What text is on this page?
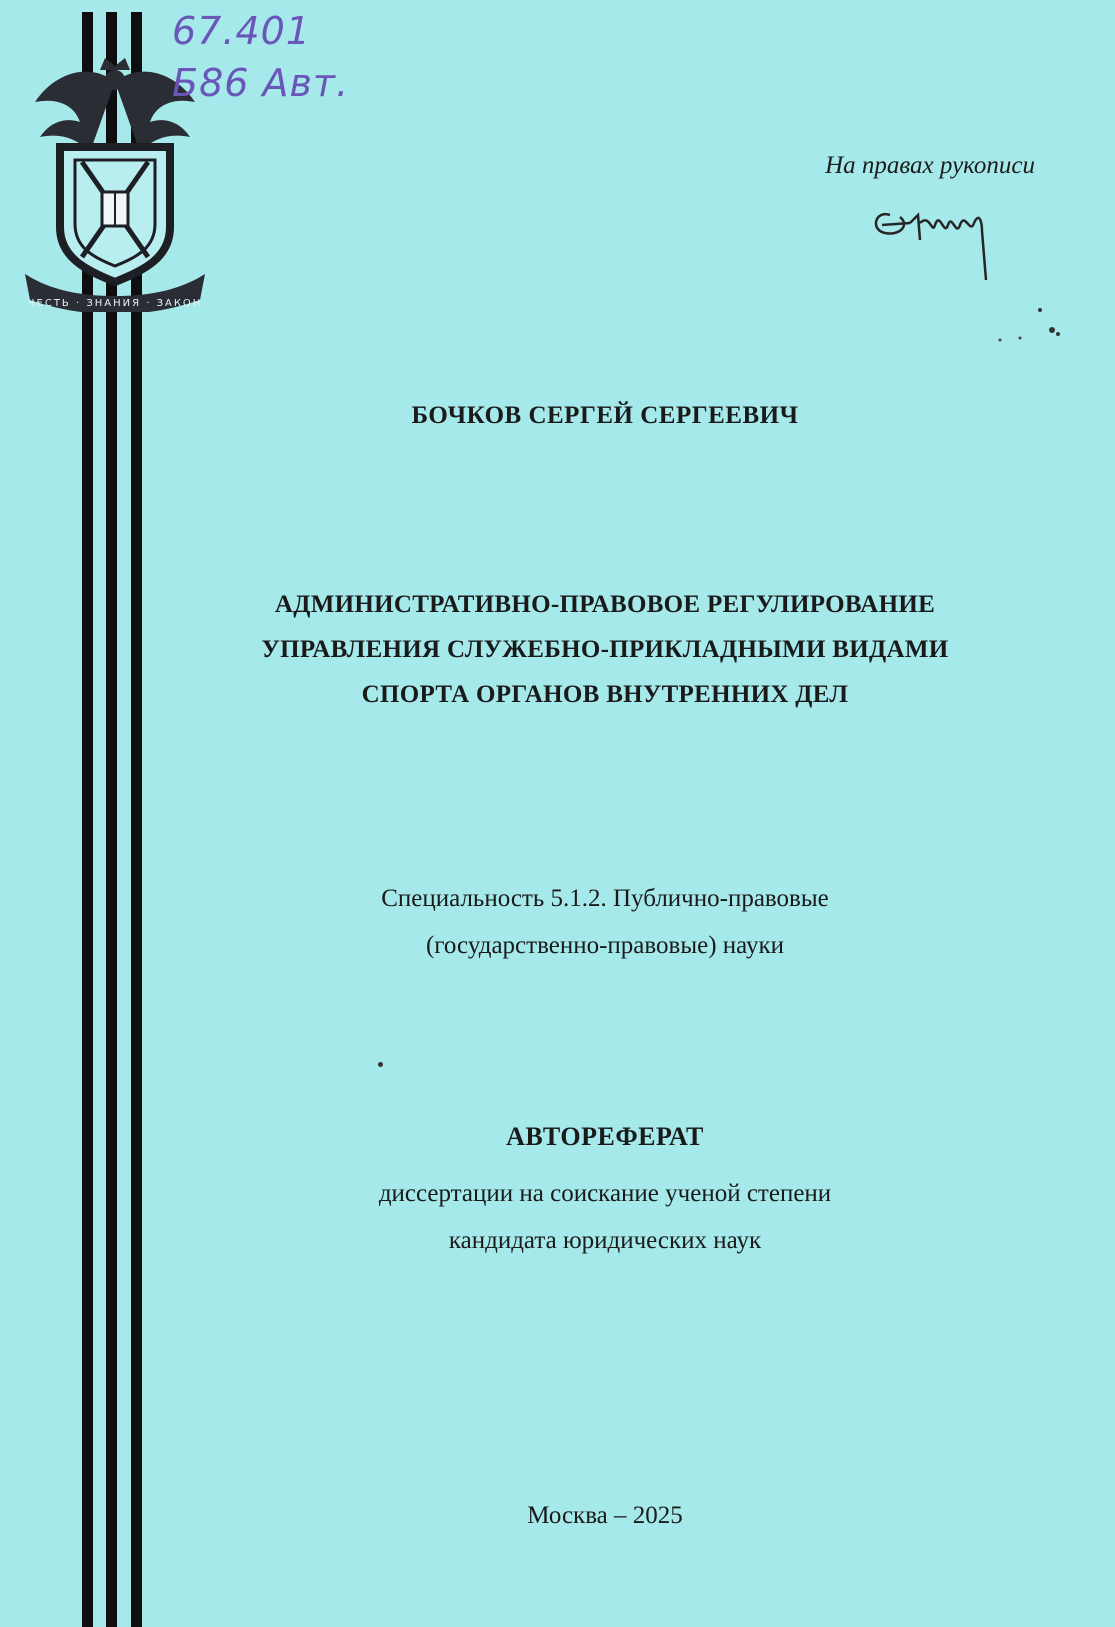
ЧЕСТЬ · ЗНАНИЯ · ЗАКОН
67.401
Б86 Авт.
На правах рукописи
БОЧКОВ СЕРГЕЙ СЕРГЕЕВИЧ
АДМИНИСТРАТИВНО-ПРАВОВОЕ РЕГУЛИРОВАНИЕ
УПРАВЛЕНИЯ СЛУЖЕБНО-ПРИКЛАДНЫМИ ВИДАМИ
СПОРТА ОРГАНОВ ВНУТРЕННИХ ДЕЛ
Специальность 5.1.2. Публично-правовые
(государственно-правовые) науки
АВТОРЕФЕРАТ
диссертации на соискание ученой степени
кандидата юридических наук
Москва – 2025
